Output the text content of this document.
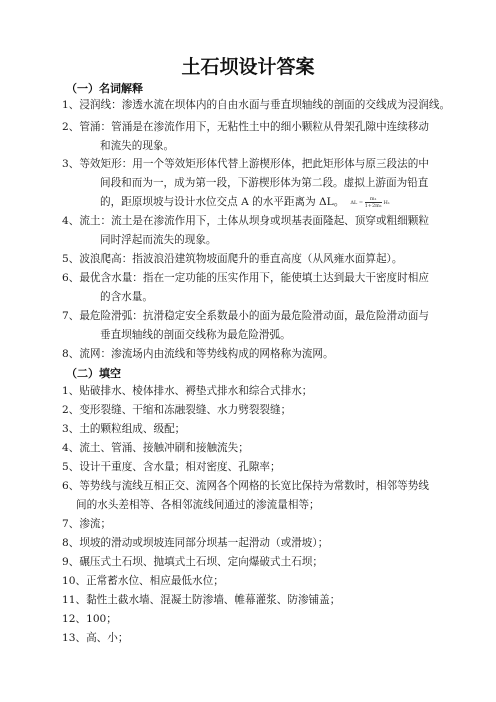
土石坝设计答案
（一）名词解释
1、浸润线：渗透水流在坝体内的自由水面与垂直坝轴线的剖面的交线成为浸润线。
2、管涌：管涌是在渗流作用下，无粘性土中的细小颗粒从骨架孔隙中连续移动
和流失的现象。
3、等效矩形：用一个等效矩形体代替上游楔形体，把此矩形体与原三段法的中
间段和而为一，成为第一段，下游楔形体为第二段。虚拟上游面为铅直
的，距原坝坡与设计水位交点 A 的水平距离为 ΔL。 $\Delta L = \frac{\text{m₁}}{\text{1+2m₁}} H_1$
4、流土：流土是在渗流作用下，土体从坝身或坝基表面隆起、顶穿或粗细颗粒
同时浮起而流失的现象。
5、波浪爬高：指波浪沿建筑物坡面爬升的垂直高度（从风雍水面算起）。
6、最优含水量：指在一定功能的压实作用下，能使填土达到最大干密度时相应
的含水量。
7、最危险滑弧：抗滑稳定安全系数最小的面为最危险滑动面，最危险滑动面与
垂直坝轴线的剖面交线称为最危险滑弧。
8、流网：渗流场内由流线和等势线构成的网格称为流网。
（二）填空
1、贴破排水、棱体排水、褥垫式排水和综合式排水；
2、变形裂缝、干缩和冻融裂缝、水力劈裂裂缝；
3、土的颗粒组成、级配；
4、流土、管涌、接触冲刷和接触流失；
5、设计干重度、含水量；相对密度、孔隙率；
6、等势线与流线互相正交、流网各个网格的长宽比保持为常数时，相邻等势线
间的水头差相等、各相邻流线间通过的渗流量相等；
7、渗流；
8、坝坡的滑动或坝坡连同部分坝基一起滑动（或滑坡）；
9、碾压式土石坝、抛填式土石坝、定向爆破式土石坝；
10、正常蓄水位、相应最低水位；
11、黏性土截水墙、混凝土防渗墙、帷幕灌浆、防渗铺盖；
12、100；
13、高、小；
